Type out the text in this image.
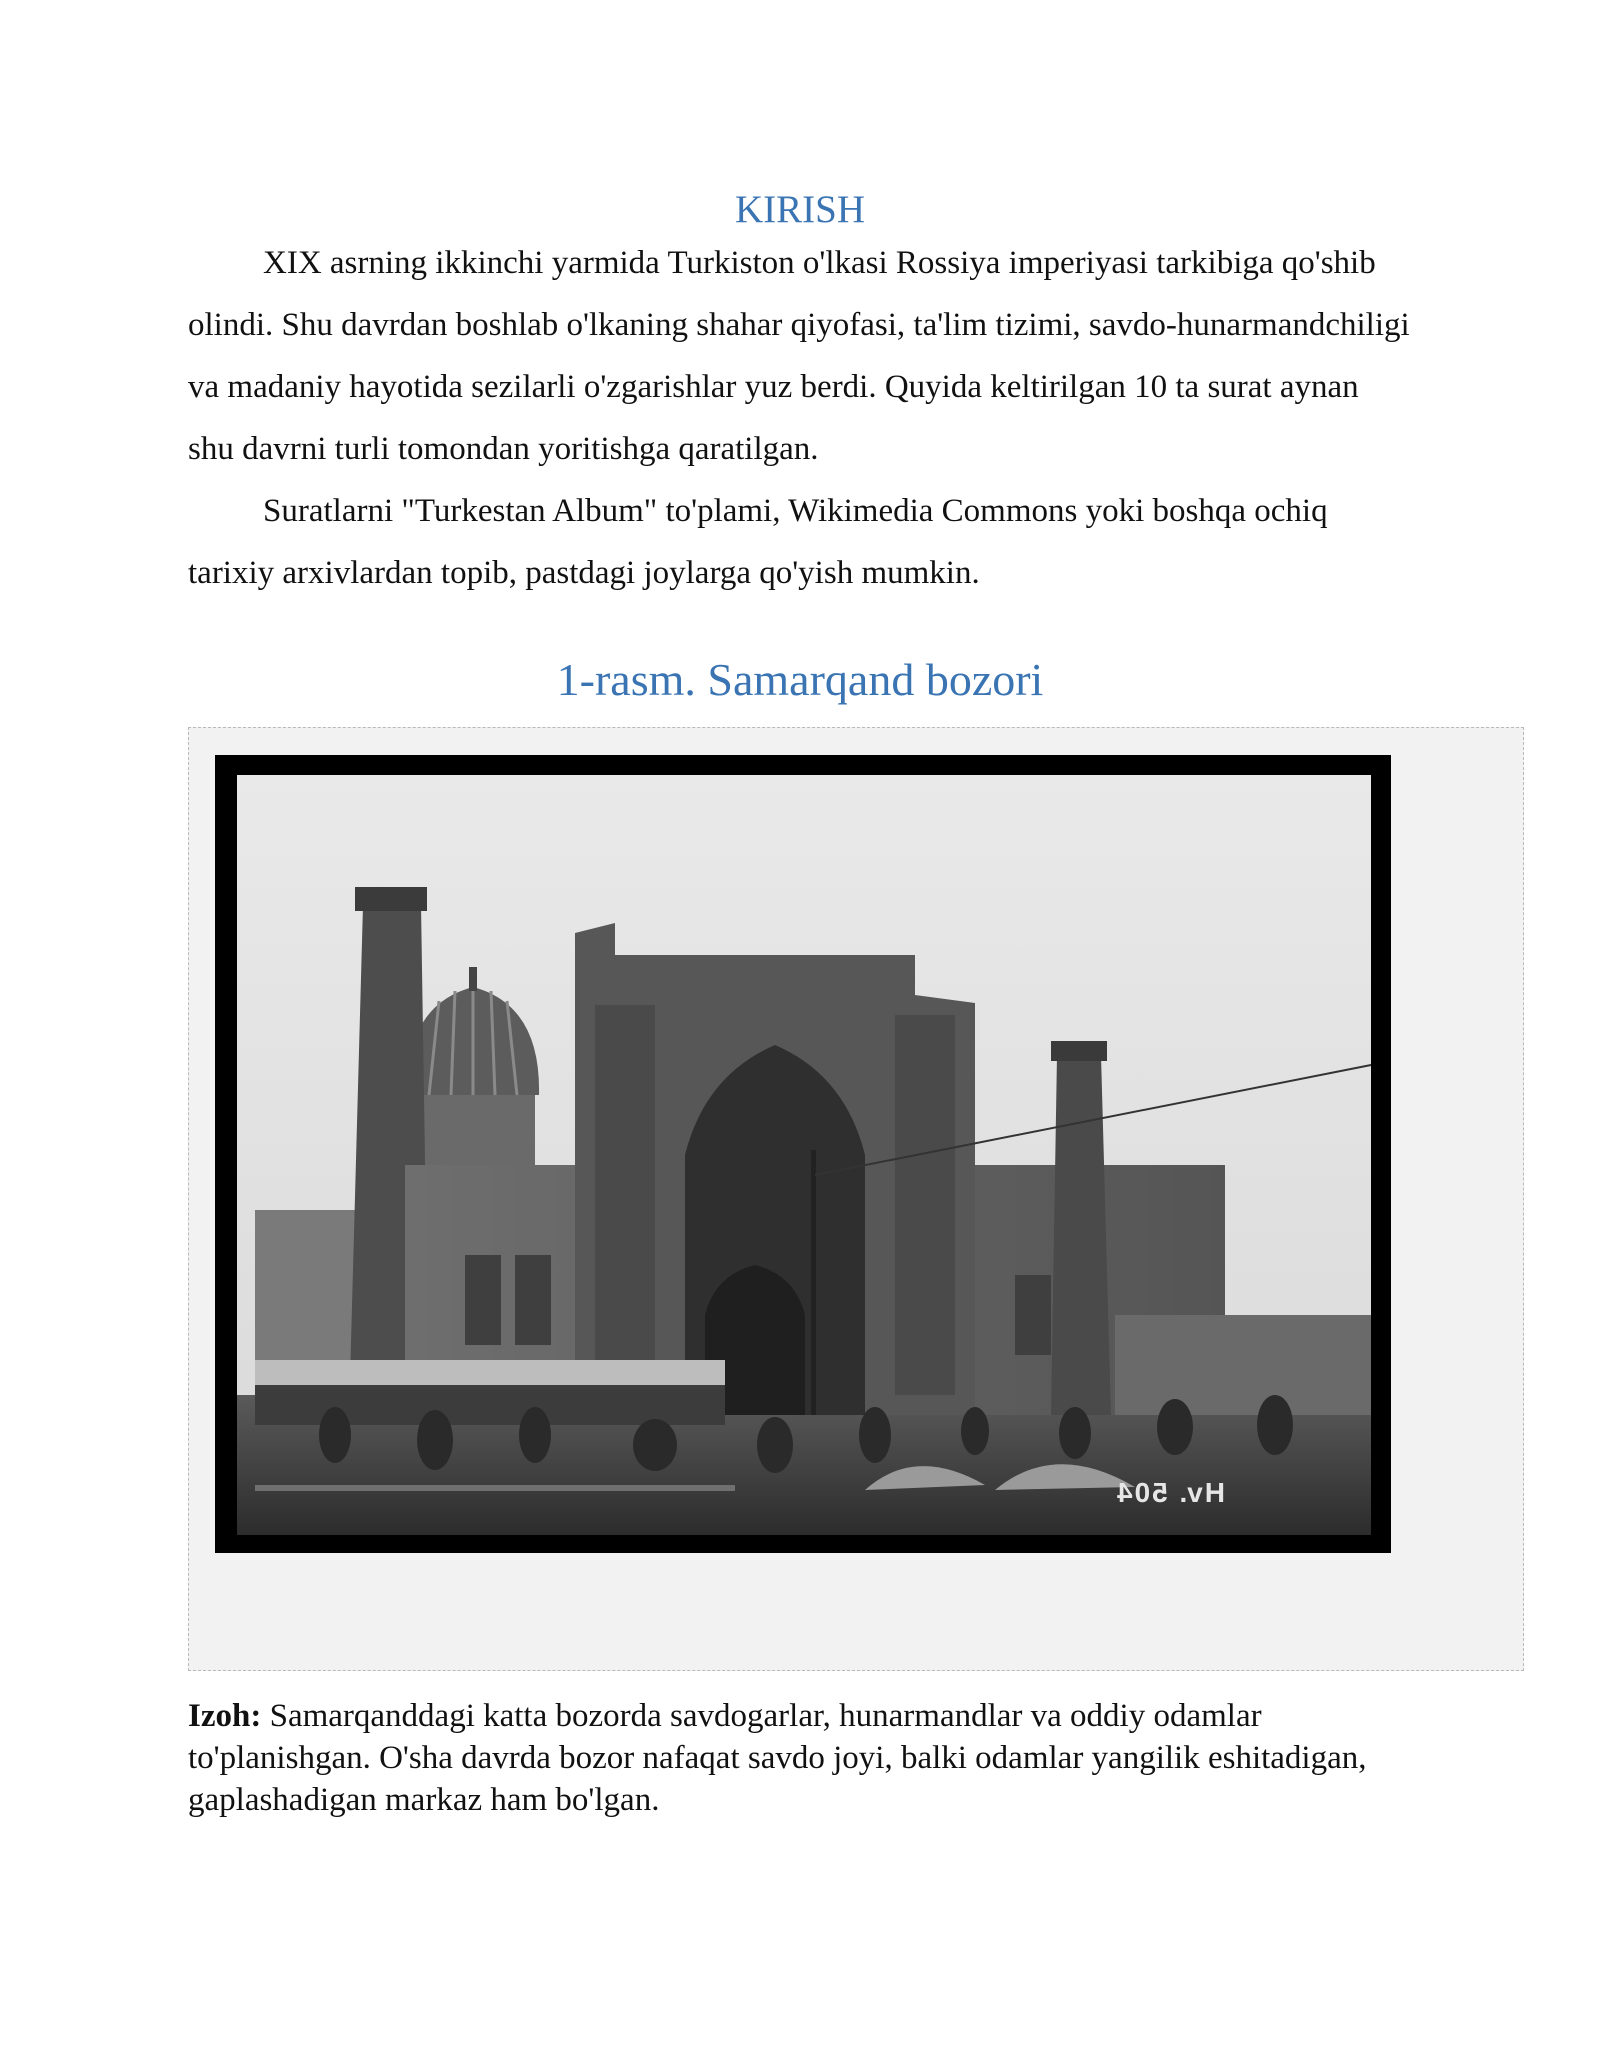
KIRISH

XIX asrning ikkinchi yarmida Turkiston o'lkasi Rossiya imperiyasi tarkibiga qo'shib olindi. Shu davrdan boshlab o'lkaning shahar qiyofasi, ta'lim tizimi, savdo-hunarmandchiligi va madaniy hayotida sezilarli o'zgarishlar yuz berdi. Quyida keltirilgan 10 ta surat aynan shu davrni turli tomondan yoritishga qaratilgan.

Suratlarni "Turkestan Album" to'plami, Wikimedia Commons yoki boshqa ochiq tarixiy arxivlardan topib, pastdagi joylarga qo'yish mumkin.

1-rasm. Samarqand bozori
Hv. 504

Izoh: Samarqanddagi katta bozorda savdogarlar, hunarmandlar va oddiy odamlar to'planishgan. O'sha davrda bozor nafaqat savdo joyi, balki odamlar yangilik eshitadigan, gaplashadigan markaz ham bo'lgan.
